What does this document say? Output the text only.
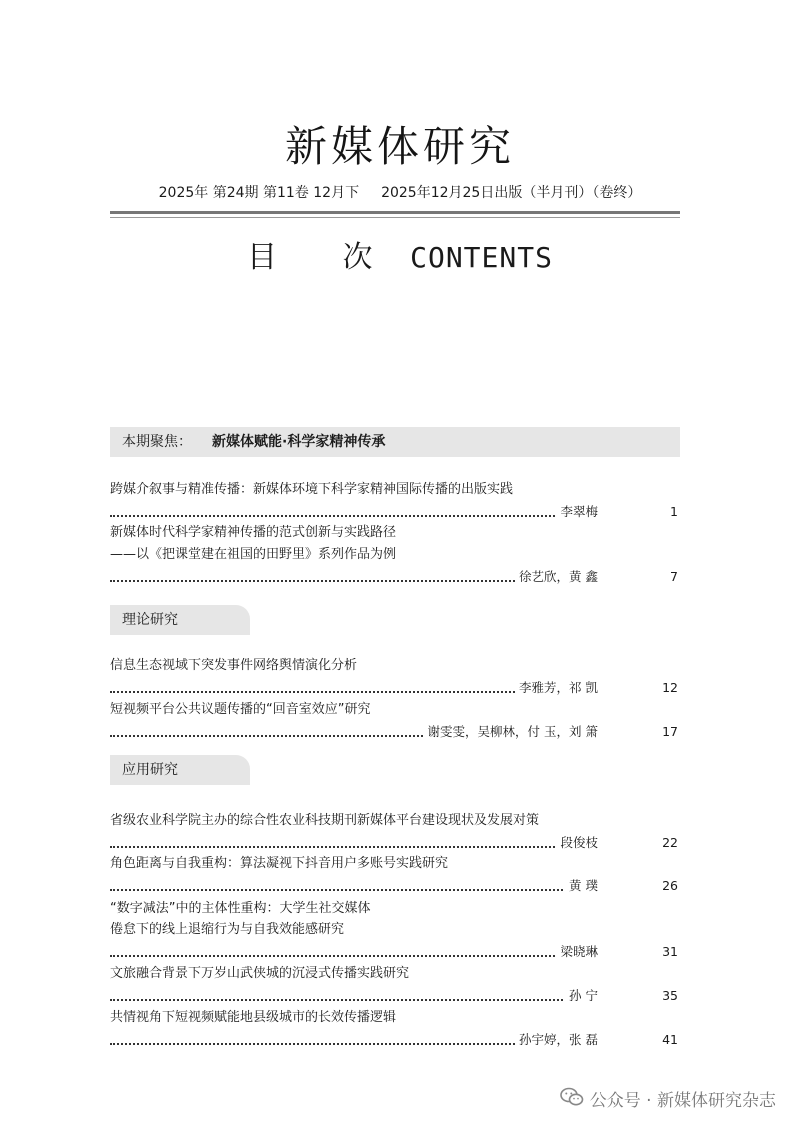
新媒体研究
2025年 第24期 第11卷 12月下 2025年12月25日出版（半月刊）（卷终）
目 次 CONTENTS
本期聚焦： 新媒体赋能·科学家精神传承
跨媒介叙事与精准传播：新媒体环境下科学家精神国际传播的出版实践
李翠梅	1
新媒体时代科学家精神传播的范式创新与实践路径
——以《把课堂建在祖国的田野里》系列作品为例
徐艺欣，黄 鑫	7
理论研究
信息生态视域下突发事件网络舆情演化分析
李雅芳，祁 凯	12
短视频平台公共议题传播的“回音室效应”研究
谢雯雯，吴柳林，付 玉，刘 箫	17
应用研究
省级农业科学院主办的综合性农业科技期刊新媒体平台建设现状及发展对策
段俊枝	22
角色距离与自我重构：算法凝视下抖音用户多账号实践研究
黄 璞	26
“数字减法”中的主体性重构：大学生社交媒体
倦怠下的线上退缩行为与自我效能感研究
梁晓琳	31
文旅融合背景下万岁山武侠城的沉浸式传播实践研究
孙 宁	35
共情视角下短视频赋能地县级城市的长效传播逻辑
孙宇婷，张 磊	41
公众号 · 新媒体研究杂志
